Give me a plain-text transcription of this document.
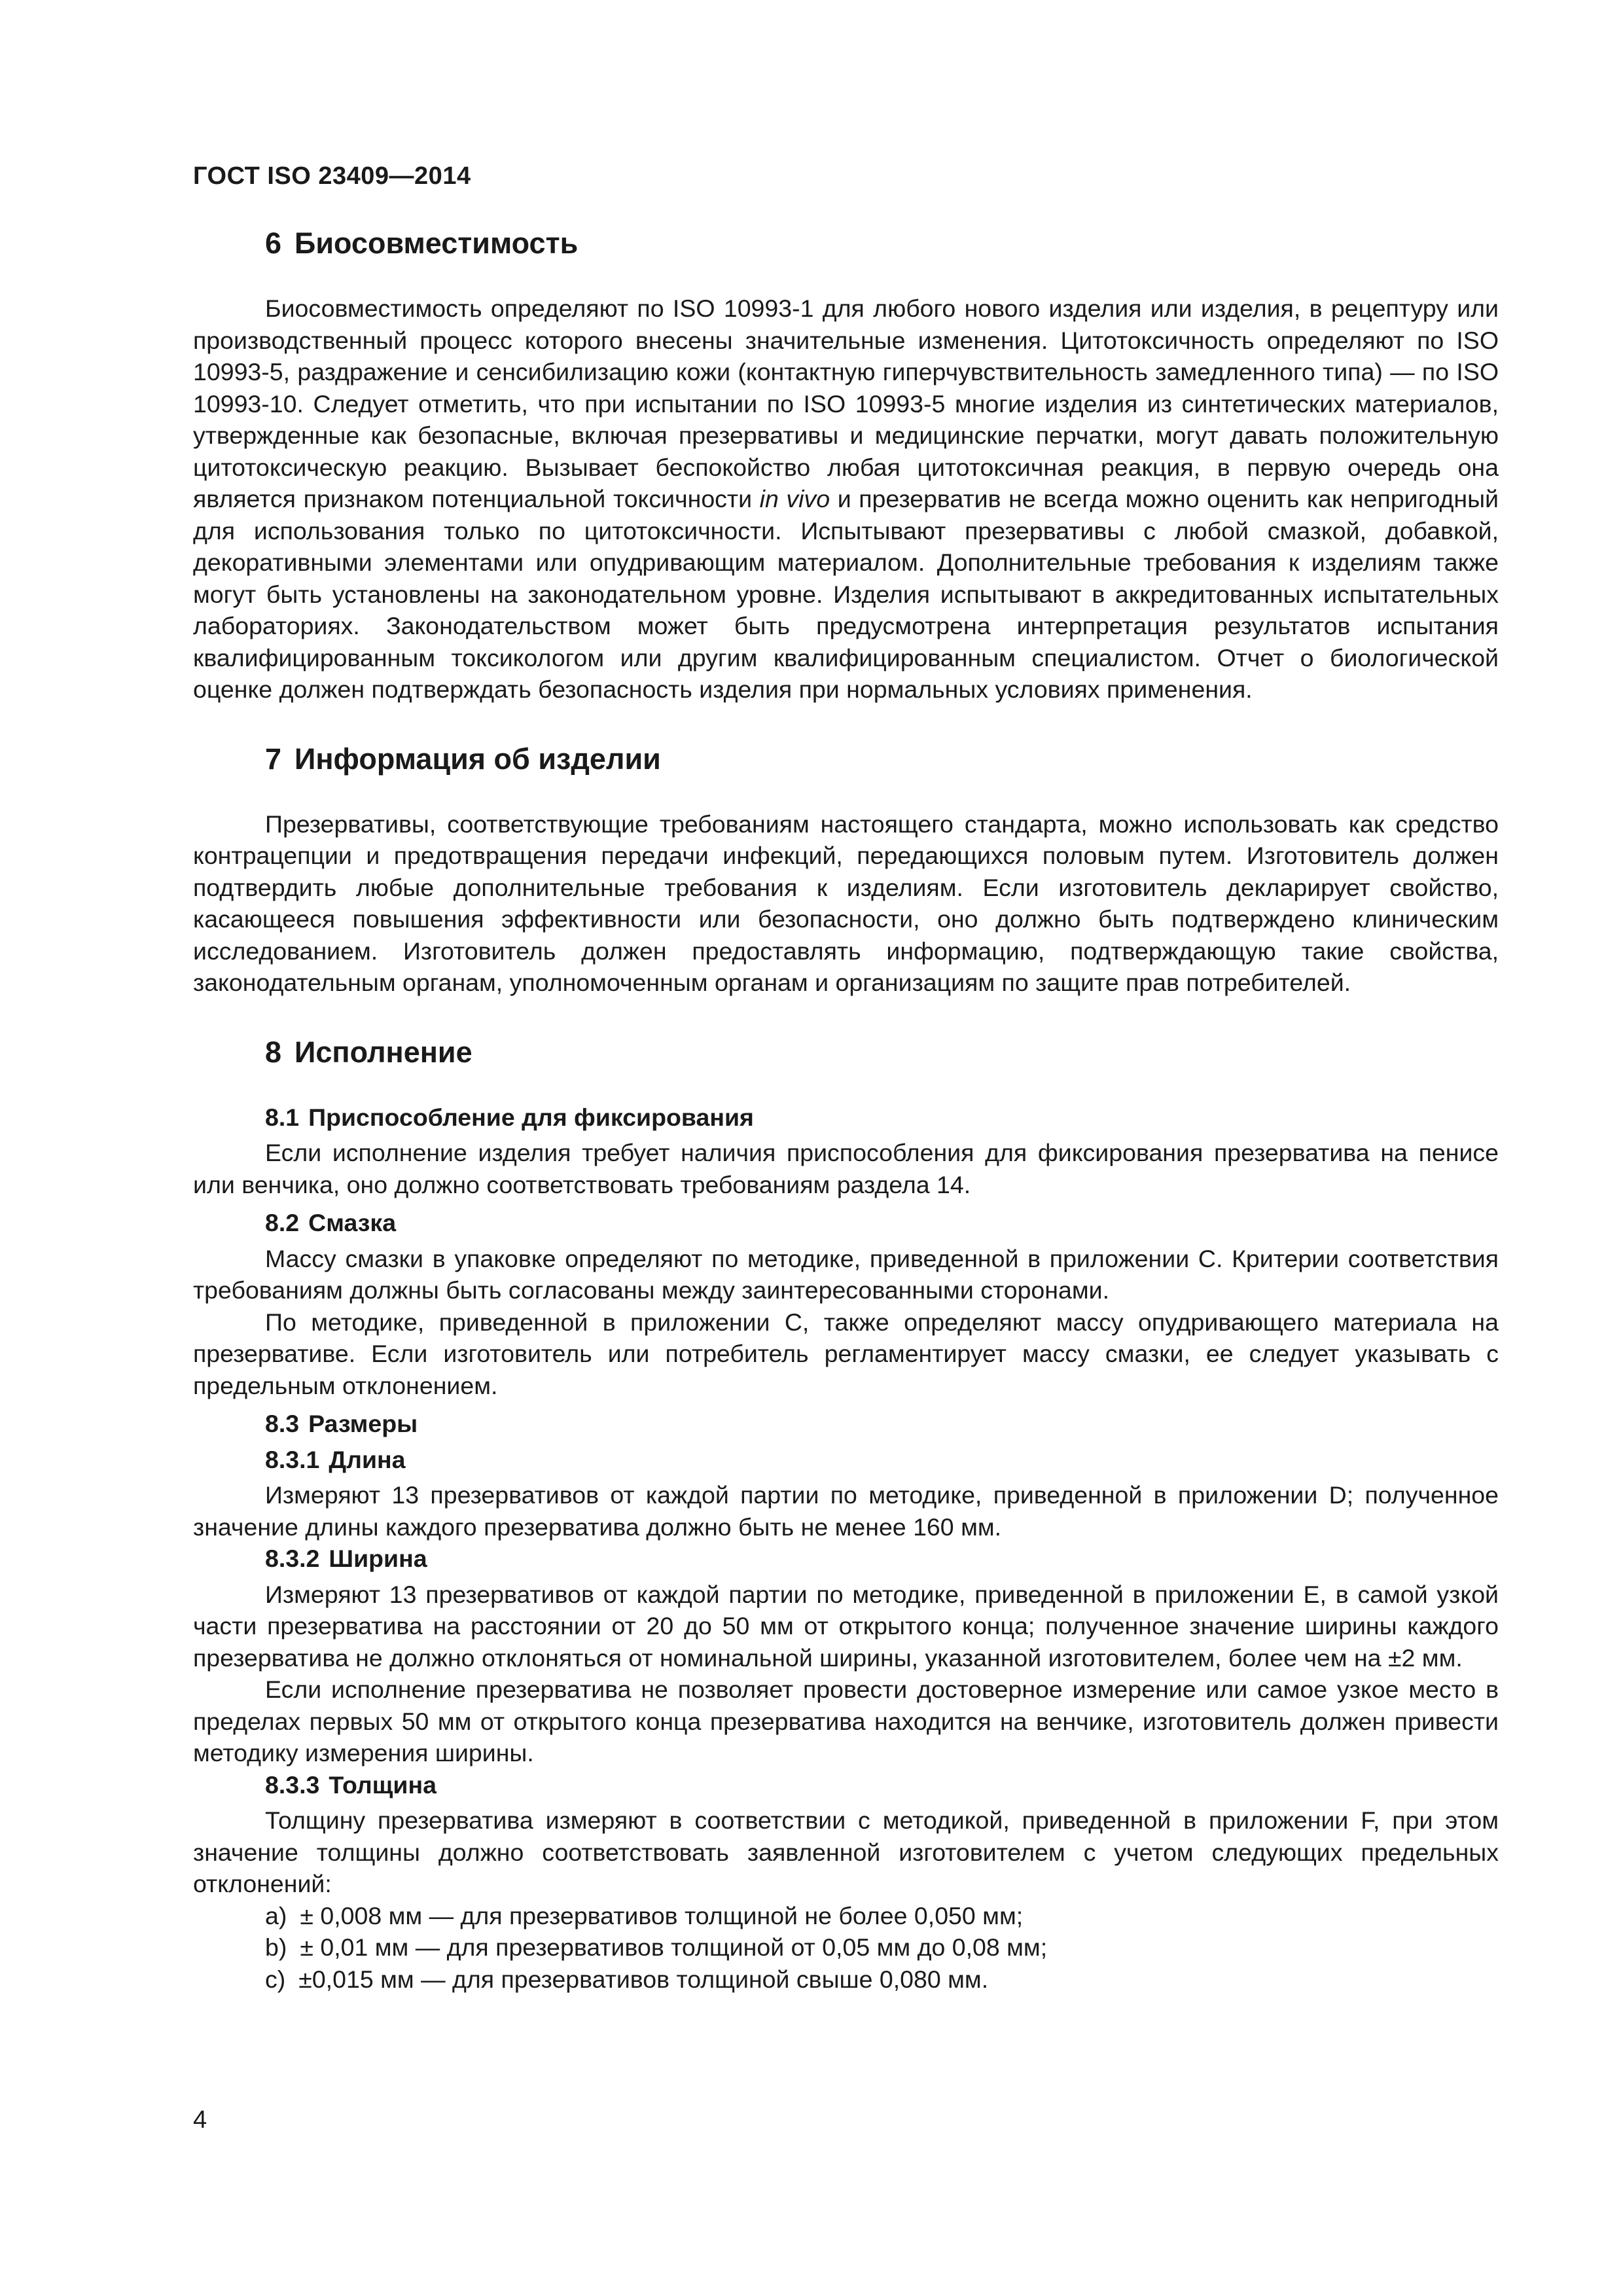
ГОСТ ISO 23409—2014
6 Биосовместимость

Биосовместимость определяют по ISO 10993-1 для любого нового изделия или изделия, в рецептуру или производственный процесс которого внесены значительные изменения. Цитотоксичность определяют по ISO 10993-5, раздражение и сенсибилизацию кожи (контактную гиперчувствительность замедленного типа) — по ISO 10993-10. Следует отметить, что при испытании по ISO 10993-5 многие изделия из синтетических материалов, утвержденные как безопасные, включая презервативы и медицинские перчатки, могут давать положительную цитотоксическую реакцию. Вызывает беспокойство любая цитотоксичная реакция, в первую очередь она является признаком потенциальной токсичности in vivo и презерватив не всегда можно оценить как непригодный для использования только по цитотоксичности. Испытывают презервативы с любой смазкой, добавкой, декоративными элементами или опудривающим материалом. Дополнительные требования к изделиям также могут быть установлены на законодательном уровне. Изделия испытывают в аккредитованных испытательных лабораториях. Законодательством может быть предусмотрена интерпретация результатов испытания квалифицированным токсикологом или другим квалифицированным специалистом. Отчет о биологической оценке должен подтверждать безопасность изделия при нормальных условиях применения.

7 Информация об изделии

Презервативы, соответствующие требованиям настоящего стандарта, можно использовать как средство контрацепции и предотвращения передачи инфекций, передающихся половым путем. Изготовитель должен подтвердить любые дополнительные требования к изделиям. Если изготовитель декларирует свойство, касающееся повышения эффективности или безопасности, оно должно быть подтверждено клиническим исследованием. Изготовитель должен предоставлять информацию, подтверждающую такие свойства, законодательным органам, уполномоченным органам и организациям по защите прав потребителей.

8 Исполнение
8.1 Приспособление для фиксирования

Если исполнение изделия требует наличия приспособления для фиксирования презерватива на пенисе или венчика, оно должно соответствовать требованиям раздела 14.

8.2 Смазка

Массу смазки в упаковке определяют по методике, приведенной в приложении С. Критерии соответствия требованиям должны быть согласованы между заинтересованными сторонами.

По методике, приведенной в приложении С, также определяют массу опудривающего материала на презервативе. Если изготовитель или потребитель регламентирует массу смазки, ее следует указывать с предельным отклонением.

8.3 Размеры
8.3.1 Длина

Измеряют 13 презервативов от каждой партии по методике, приведенной в приложении D; полученное значение длины каждого презерватива должно быть не менее 160 мм.

8.3.2 Ширина

Измеряют 13 презервативов от каждой партии по методике, приведенной в приложении Е, в самой узкой части презерватива на расстоянии от 20 до 50 мм от открытого конца; полученное значение ширины каждого презерватива не должно отклоняться от номинальной ширины, указанной изготовителем, более чем на ±2 мм.

Если исполнение презерватива не позволяет провести достоверное измерение или самое узкое место в пределах первых 50 мм от открытого конца презерватива находится на венчике, изготовитель должен привести методику измерения ширины.

8.3.3 Толщина

Толщину презерватива измеряют в соответствии с методикой, приведенной в приложении F, при этом значение толщины должно соответствовать заявленной изготовителем с учетом следующих предельных отклонений:

a) ± 0,008 мм — для презервативов толщиной не более 0,050 мм;
b) ± 0,01 мм — для презервативов толщиной от 0,05 мм до 0,08 мм;
c) ±0,015 мм — для презервативов толщиной свыше 0,080 мм.
4
